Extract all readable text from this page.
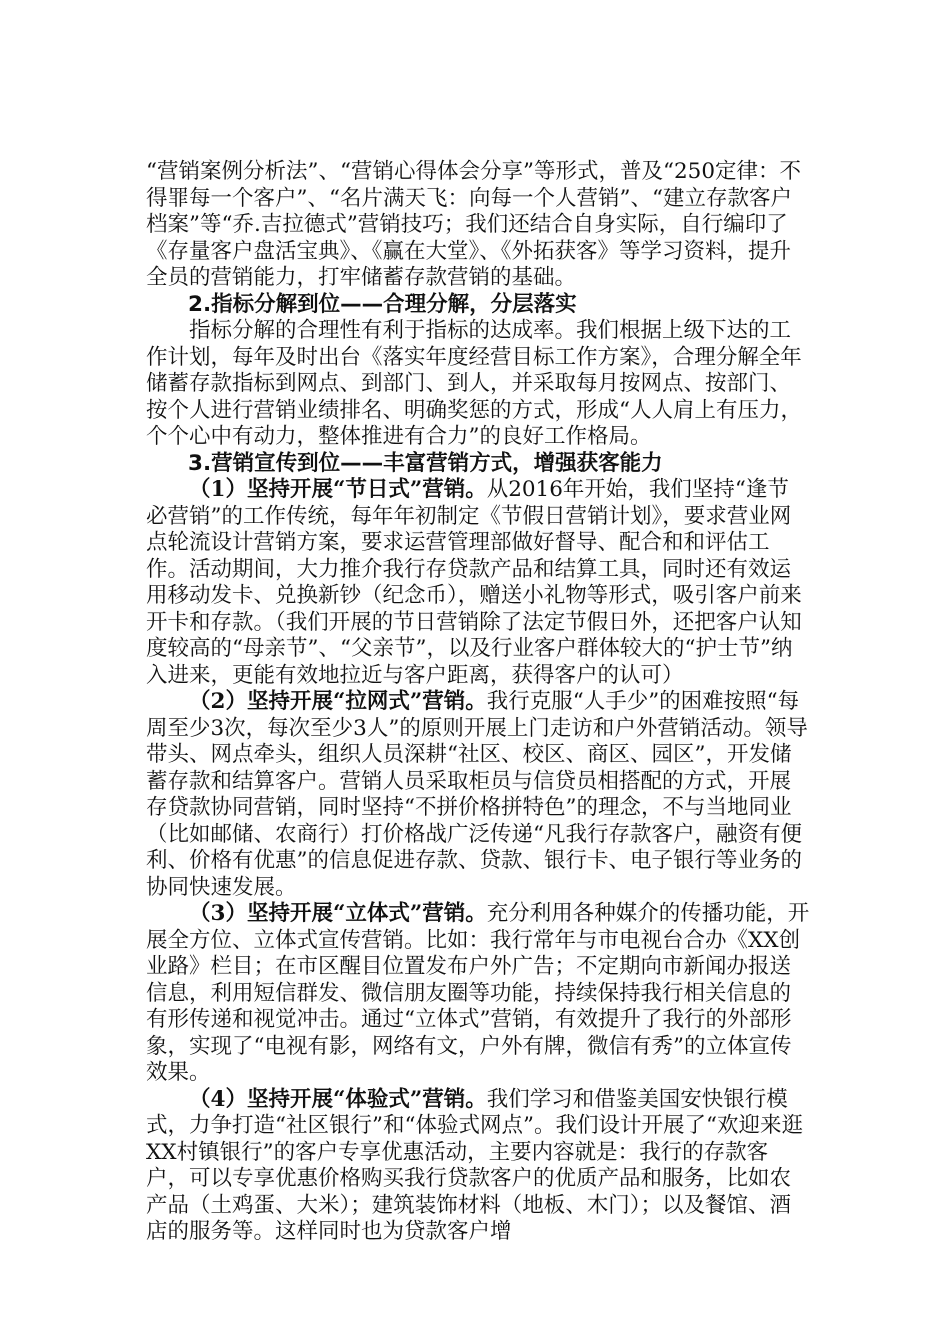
“营销案例分析法”、“营销心得体会分享”等形式，普及“250定律：不得罪每一个客户”、“名片满天飞：向每一个人营销”、“建立存款客户档案”等“乔.吉拉德式”营销技巧；我们还结合自身实际，自行编印了《存量客户盘活宝典》、《赢在大堂》、《外拓获客》等学习资料，提升全员的营销能力，打牢储蓄存款营销的基础。

2.指标分解到位——合理分解，分层落实

指标分解的合理性有利于指标的达成率。我们根据上级下达的工作计划，每年及时出台《落实年度经营目标工作方案》，合理分解全年储蓄存款指标到网点、到部门、到人，并采取每月按网点、按部门、按个人进行营销业绩排名、明确奖惩的方式，形成“人人肩上有压力，个个心中有动力，整体推进有合力”的良好工作格局。

3.营销宣传到位——丰富营销方式，增强获客能力

（1）坚持开展“节日式”营销。从2016年开始，我们坚持“逢节必营销”的工作传统，每年年初制定《节假日营销计划》，要求营业网点轮流设计营销方案，要求运营管理部做好督导、配合和和评估工作。活动期间，大力推介我行存贷款产品和结算工具，同时还有效运用移动发卡、兑换新钞（纪念币），赠送小礼物等形式，吸引客户前来开卡和存款。（我们开展的节日营销除了法定节假日外，还把客户认知度较高的“母亲节”、“父亲节”，以及行业客户群体较大的“护士节”纳入进来，更能有效地拉近与客户距离，获得客户的认可）

（2）坚持开展“拉网式”营销。我行克服“人手少”的困难按照“每周至少3次，每次至少3人”的原则开展上门走访和户外营销活动。领导带头、网点牵头，组织人员深耕“社区、校区、商区、园区”，开发储蓄存款和结算客户。营销人员采取柜员与信贷员相搭配的方式，开展存贷款协同营销，同时坚持“不拼价格拼特色”的理念，不与当地同业（比如邮储、农商行）打价格战广泛传递“凡我行存款客户，融资有便利、价格有优惠”的信息促进存款、贷款、银行卡、电子银行等业务的协同快速发展。

（3）坚持开展“立体式”营销。充分利用各种媒介的传播功能，开展全方位、立体式宣传营销。比如：我行常年与市电视台合办《XX创业路》栏目；在市区醒目位置发布户外广告；不定期向市新闻办报送信息，利用短信群发、微信朋友圈等功能，持续保持我行相关信息的有形传递和视觉冲击。通过“立体式”营销，有效提升了我行的外部形象，实现了“电视有影，网络有文，户外有牌，微信有秀”的立体宣传效果。

（4）坚持开展“体验式”营销。我们学习和借鉴美国安快银行模式，力争打造“社区银行”和“体验式网点”。我们设计开展了“欢迎来逛XX村镇银行”的客户专享优惠活动，主要内容就是：我行的存款客户，可以专享优惠价格购买我行贷款客户的优质产品和服务，比如农产品（土鸡蛋、大米）；建筑装饰材料（地板、木门）；以及餐馆、酒店的服务等。这样同时也为贷款客户增
